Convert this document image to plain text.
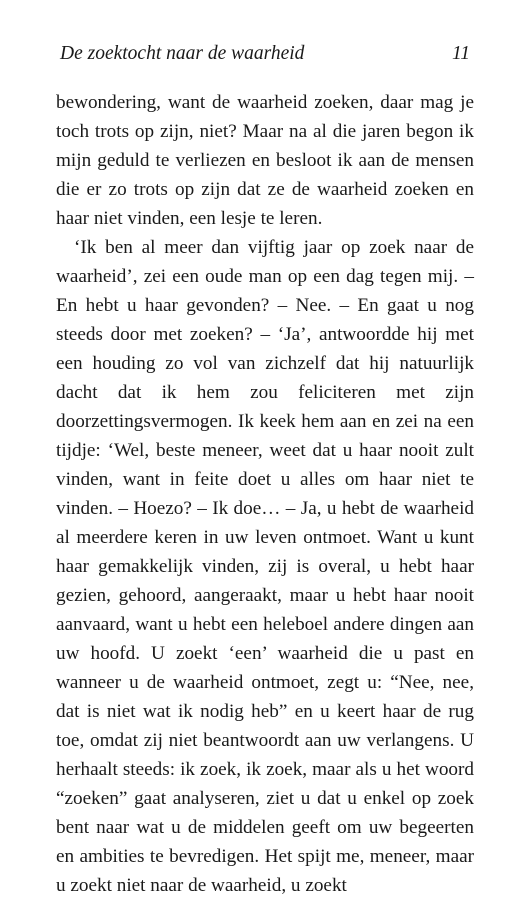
De zoektocht naar de waarheid	11

bewondering, want de waarheid zoeken, daar mag je toch trots op zijn, niet? Maar na al die jaren begon ik mijn geduld te verliezen en besloot ik aan de mensen die er zo trots op zijn dat ze de waarheid zoeken en haar niet vinden, een lesje te leren.

‘Ik ben al meer dan vijftig jaar op zoek naar de waarheid’, zei een oude man op een dag tegen mij. – En hebt u haar gevonden? – Nee. – En gaat u nog steeds door met zoeken? – ‘Ja’, antwoordde hij met een houding zo vol van zichzelf dat hij natuurlijk dacht dat ik hem zou feliciteren met zijn doorzettingsvermogen. Ik keek hem aan en zei na een tijdje: ‘Wel, beste meneer, weet dat u haar nooit zult vinden, want in feite doet u alles om haar niet te vinden. – Hoezo? – Ik doe… – Ja, u hebt de waarheid al meerdere keren in uw leven ontmoet. Want u kunt haar gemakkelijk vinden, zij is overal, u hebt haar gezien, gehoord, aangeraakt, maar u hebt haar nooit aanvaard, want u hebt een heleboel andere dingen aan uw hoofd. U zoekt ‘een’ waarheid die u past en wanneer u de waarheid ontmoet, zegt u: “Nee, nee, dat is niet wat ik nodig heb” en u keert haar de rug toe, omdat zij niet beantwoordt aan uw verlangens. U herhaalt steeds: ik zoek, ik zoek, maar als u het woord “zoeken” gaat analyseren, ziet u dat u enkel op zoek bent naar wat u de middelen geeft om uw begeerten en ambities te bevredigen. Het spijt me, meneer, maar u zoekt niet naar de waarheid, u zoekt
